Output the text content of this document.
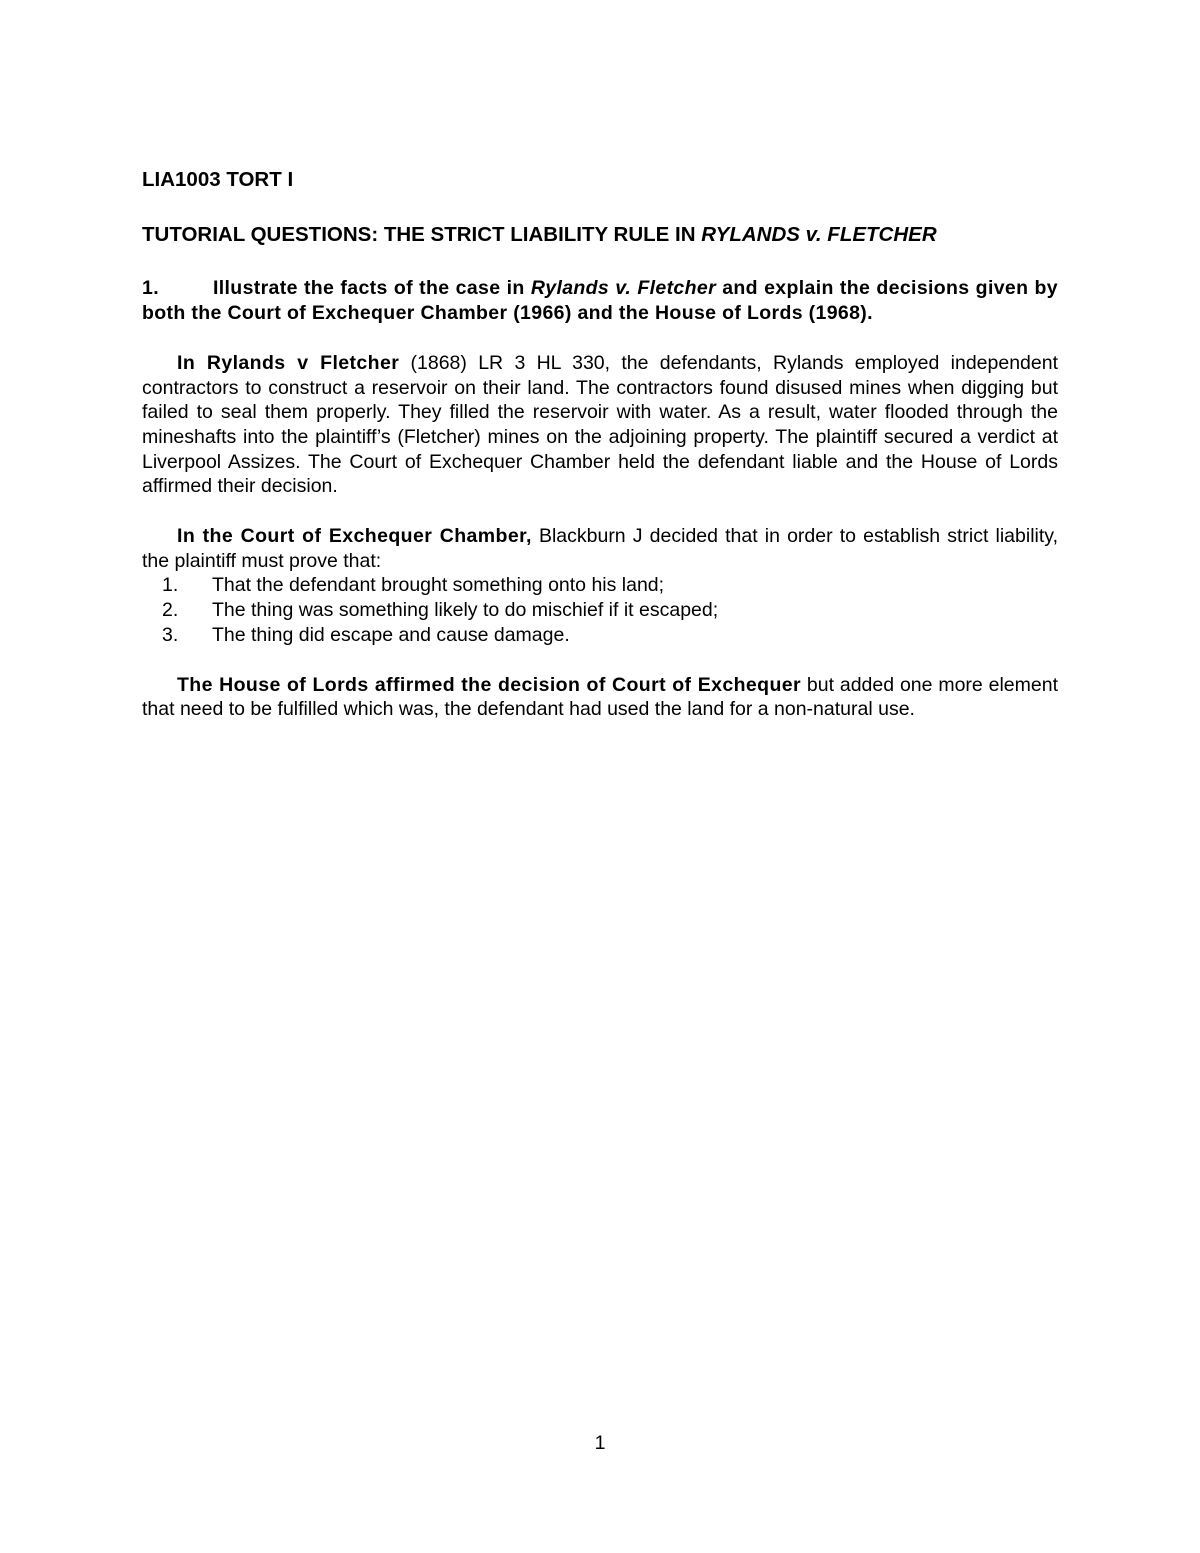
LIA1003 TORT I

TUTORIAL QUESTIONS: THE STRICT LIABILITY RULE IN RYLANDS v. FLETCHER

1.	Illustrate the facts of the case in Rylands v. Fletcher and explain the decisions given by both the Court of Exchequer Chamber (1966) and the House of Lords (1968).

In Rylands v Fletcher (1868) LR 3 HL 330, the defendants, Rylands employed independent contractors to construct a reservoir on their land. The contractors found disused mines when digging but failed to seal them properly. They filled the reservoir with water. As a result, water flooded through the mineshafts into the plaintiff’s (Fletcher) mines on the adjoining property. The plaintiff secured a verdict at Liverpool Assizes. The Court of Exchequer Chamber held the defendant liable and the House of Lords affirmed their decision.

In the Court of Exchequer Chamber, Blackburn J decided that in order to establish strict liability, the plaintiff must prove that:

1. That the defendant brought something onto his land;
2. The thing was something likely to do mischief if it escaped;
3. The thing did escape and cause damage.

The House of Lords affirmed the decision of Court of Exchequer but added one more element that need to be fulfilled which was, the defendant had used the land for a non-natural use.

1
